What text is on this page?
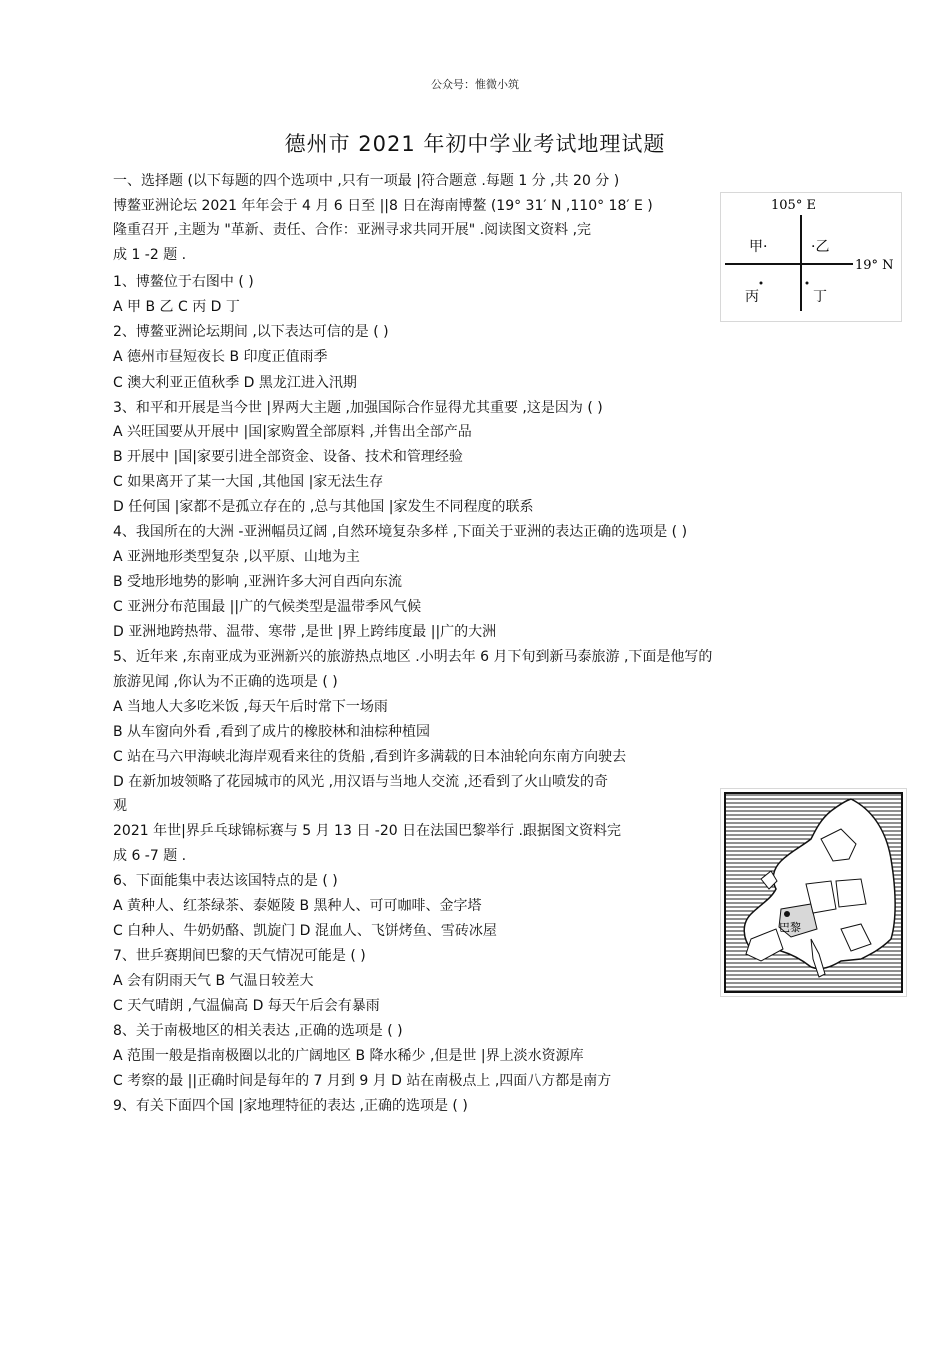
公众号：惟微小筑
德州市 2021 年初中学业考试地理试题
一、选择题 (以下每题的四个选项中 ,只有一项最 |符合题意 .每题 1 分 ,共 20 分 )
博鳌亚洲论坛 2021 年年会于 4 月 6 日至 ||8 日在海南博鳌 (19° 31′ N ,110° 18′ E )
隆重召开 ,主题为 "革新、责任、合作：亚洲寻求共同开展" .阅读图文资料 ,完
成 1 -2 题 .
1、博鳌位于右图中 ( )
A 甲 B 乙 C 丙 D 丁
2、博鳌亚洲论坛期间 ,以下表达可信的是 ( )
A 德州市昼短夜长 B 印度正值雨季
C 澳大利亚正值秋季 D 黑龙江进入汛期
3、和平和开展是当今世 |界两大主题 ,加强国际合作显得尤其重要 ,这是因为 ( )
A 兴旺国要从开展中 |国|家购置全部原料 ,并售出全部产品
B 开展中 |国|家要引进全部资金、设备、技术和管理经验
C 如果离开了某一大国 ,其他国 |家无法生存
D 任何国 |家都不是孤立存在的 ,总与其他国 |家发生不同程度的联系
4、我国所在的大洲 -亚洲幅员辽阔 ,自然环境复杂多样 ,下面关于亚洲的表达正确的选项是 ( )
A 亚洲地形类型复杂 ,以平原、山地为主
B 受地形地势的影响 ,亚洲许多大河自西向东流
C 亚洲分布范围最 ||广的气候类型是温带季风气候
D 亚洲地跨热带、温带、寒带 ,是世 |界上跨纬度最 ||广的大洲
5、近年来 ,东南亚成为亚洲新兴的旅游热点地区 .小明去年 6 月下旬到新马泰旅游 ,下面是他写的
旅游见闻 ,你认为不正确的选项是 ( )
A 当地人大多吃米饭 ,每天午后时常下一场雨
B 从车窗向外看 ,看到了成片的橡胶林和油棕种植园
C 站在马六甲海峡北海岸观看来往的货船 ,看到许多满载的日本油轮向东南方向驶去
D 在新加坡领略了花园城市的风光 ,用汉语与当地人交流 ,还看到了火山喷发的奇
观
2021 年世|界乒乓球锦标赛与 5 月 13 日 -20 日在法国巴黎举行 .跟据图文资料完
成 6 -7 题 .
6、下面能集中表达该国特点的是 ( )
A 黄种人、红茶绿茶、泰姬陵 B 黑种人、可可咖啡、金字塔
C 白种人、牛奶奶酪、凯旋门 D 混血人、飞饼烤鱼、雪砖冰屋
7、世乒赛期间巴黎的天气情况可能是 ( )
A 会有阴雨天气 B 气温日较差大
C 天气晴朗 ,气温偏高 D 每天午后会有暴雨
8、关于南极地区的相关表达 ,正确的选项是 ( )
A 范围一般是指南极圈以北的广阔地区 B 降水稀少 ,但是世 |界上淡水资源库
C 考察的最 ||正确时间是每年的 7 月到 9 月 D 站在南极点上 ,四面八方都是南方
9、有关下面四个国 |家地理特征的表达 ,正确的选项是 ( )
105° E
19° N
甲·	·乙
丙	丁
巴黎
